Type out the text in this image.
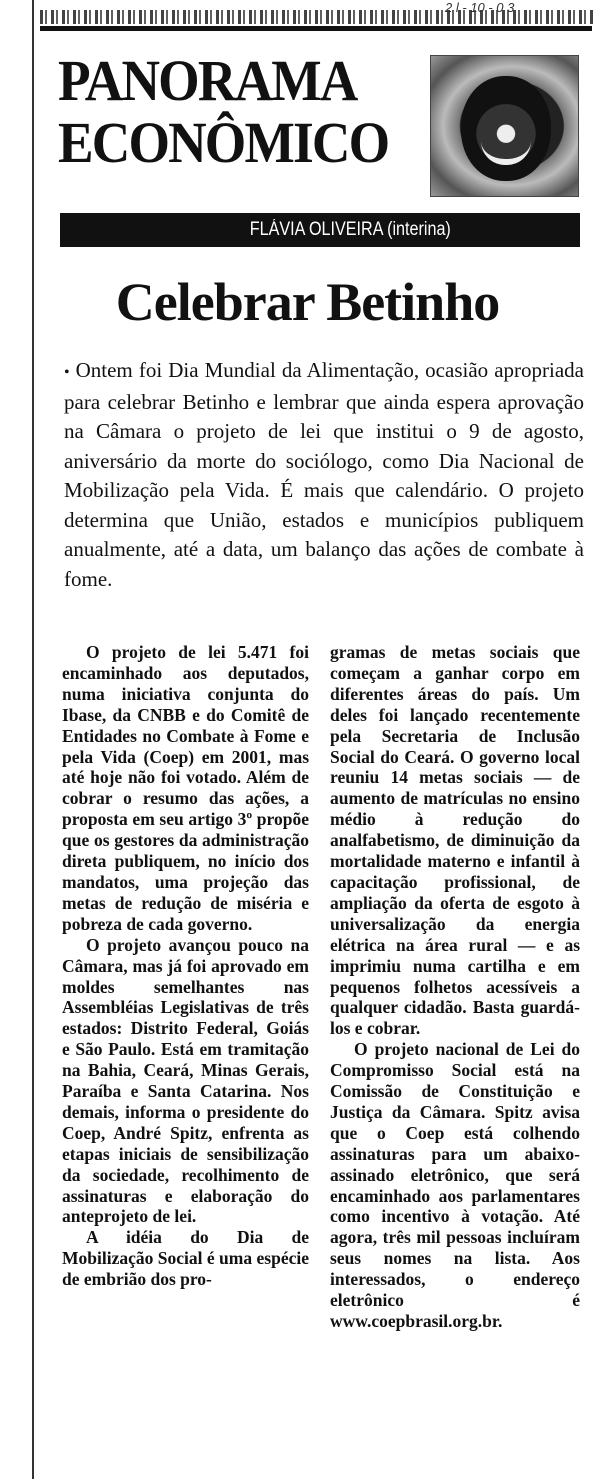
2 l - 10 - 0 3
PANORAMA
ECONÔMICO
FLÁVIA OLIVEIRA (interina)
Celebrar Betinho
• Ontem foi Dia Mundial da Alimentação, ocasião apropriada para celebrar Betinho e lembrar que ainda espera aprovação na Câmara o projeto de lei que institui o 9 de agosto, aniversário da morte do sociólogo, como Dia Nacional de Mobilização pela Vida. É mais que calendário. O projeto determina que União, estados e municípios publiquem anualmente, até a data, um balanço das ações de combate à fome.

O projeto de lei 5.471 foi encaminhado aos deputados, numa iniciativa conjunta do Ibase, da CNBB e do Comitê de Entidades no Combate à Fome e pela Vida (Coep) em 2001, mas até hoje não foi votado. Além de cobrar o resumo das ações, a proposta em seu artigo 3º propõe que os gestores da administração direta publiquem, no início dos mandatos, uma projeção das metas de redução de miséria e pobreza de cada governo.

O projeto avançou pouco na Câmara, mas já foi aprovado em moldes semelhantes nas Assembléias Legislativas de três estados: Distrito Federal, Goiás e São Paulo. Está em tramitação na Bahia, Ceará, Minas Gerais, Paraíba e Santa Catarina. Nos demais, informa o presidente do Coep, André Spitz, enfrenta as etapas iniciais de sensibilização da sociedade, recolhimento de assinaturas e elaboração do anteprojeto de lei.

A idéia do Dia de Mobilização Social é uma espécie de embrião dos pro-

gramas de metas sociais que começam a ganhar corpo em diferentes áreas do país. Um deles foi lançado recentemente pela Secretaria de Inclusão Social do Ceará. O governo local reuniu 14 metas sociais — de aumento de matrículas no ensino médio à redução do analfabetismo, de diminuição da mortalidade materno e infantil à capacitação profissional, de ampliação da oferta de esgoto à universalização da energia elétrica na área rural — e as imprimiu numa cartilha e em pequenos folhetos acessíveis a qualquer cidadão. Basta guardá-los e cobrar.

O projeto nacional de Lei do Compromisso Social está na Comissão de Constituição e Justiça da Câmara. Spitz avisa que o Coep está colhendo assinaturas para um abaixo-assinado eletrônico, que será encaminhado aos parlamentares como incentivo à votação. Até agora, três mil pessoas incluíram seus nomes na lista. Aos interessados, o endereço eletrônico é www.coepbrasil.org.br.
